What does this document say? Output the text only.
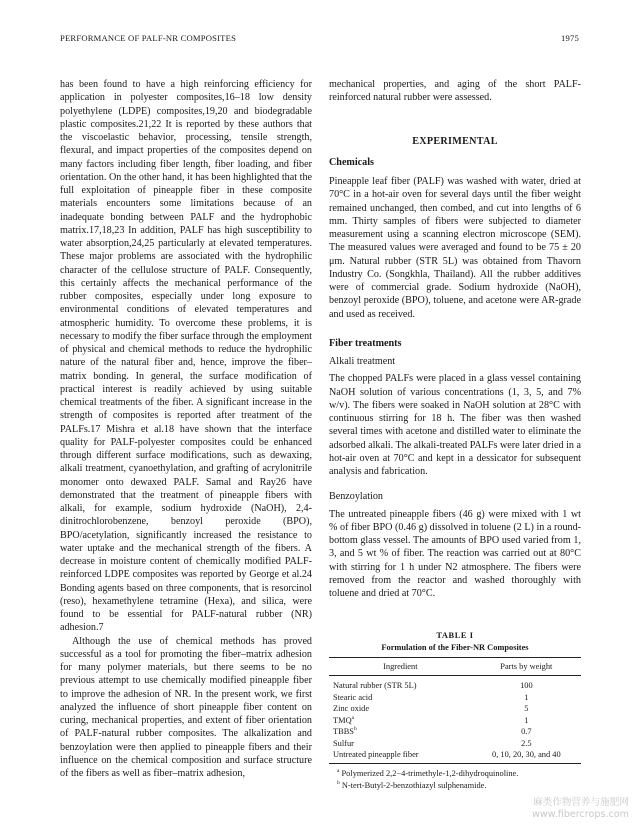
PERFORMANCE OF PALF-NR COMPOSITES	1975

has been found to have a high reinforcing efficiency for application in polyester composites,16–18 low density polyethylene (LDPE) composites,19,20 and biodegradable plastic composites.21,22 It is reported by these authors that the viscoelastic behavior, processing, tensile strength, flexural, and impact properties of the composites depend on many factors including fiber length, fiber loading, and fiber orientation. On the other hand, it has been highlighted that the full exploitation of pineapple fiber in these composite materials encounters some limitations because of an inadequate bonding between PALF and the hydrophobic matrix.17,18,23 In addition, PALF has high susceptibility to water absorption,24,25 particularly at elevated temperatures. These major problems are associated with the hydrophilic character of the cellulose structure of PALF. Consequently, this certainly affects the mechanical performance of the rubber composites, especially under long exposure to environmental conditions of elevated temperatures and atmospheric humidity. To overcome these problems, it is necessary to modify the fiber surface through the employment of physical and chemical methods to reduce the hydrophilic nature of the natural fiber and, hence, improve the fiber–matrix bonding. In general, the surface modification of practical interest is readily achieved by using suitable chemical treatments of the fiber. A significant increase in the strength of composites is reported after treatment of the PALFs.17 Mishra et al.18 have shown that the interface quality for PALF-polyester composites could be enhanced through different surface modifications, such as dewaxing, alkali treatment, cyanoethylation, and grafting of acrylonitrile monomer onto dewaxed PALF. Samal and Ray26 have demonstrated that the treatment of pineapple fibers with alkali, for example, sodium hydroxide (NaOH), 2,4-dinitrochlorobenzene, benzoyl peroxide (BPO), BPO/acetylation, significantly increased the resistance to water uptake and the mechanical strength of the fibers. A decrease in moisture content of chemically modified PALF-reinforced LDPE composites was reported by George et al.24 Bonding agents based on three components, that is resorcinol (reso), hexamethylene tetramine (Hexa), and silica, were found to be essential for PALF-natural rubber (NR) adhesion.7

Although the use of chemical methods has proved successful as a tool for promoting the fiber–matrix adhesion for many polymer materials, but there seems to be no previous attempt to use chemically modified pineapple fiber to improve the adhesion of NR. In the present work, we first analyzed the influence of short pineapple fiber content on curing, mechanical properties, and extent of fiber orientation of PALF-natural rubber composites. The alkalization and benzoylation were then applied to pineapple fibers and their influence on the chemical composition and surface structure of the fibers as well as fiber–matrix adhesion,

mechanical properties, and aging of the short PALF-reinforced natural rubber were assessed.

EXPERIMENTAL
Chemicals

Pineapple leaf fiber (PALF) was washed with water, dried at 70°C in a hot-air oven for several days until the fiber weight remained unchanged, then combed, and cut into lengths of 6 mm. Thirty samples of fibers were subjected to diameter measurement using a scanning electron microscope (SEM). The measured values were averaged and found to be 75 ± 20 μm. Natural rubber (STR 5L) was obtained from Thavorn Industry Co. (Songkhla, Thailand). All the rubber additives were of commercial grade. Sodium hydroxide (NaOH), benzoyl peroxide (BPO), toluene, and acetone were AR-grade and used as received.

Fiber treatments
Alkali treatment

The chopped PALFs were placed in a glass vessel containing NaOH solution of various concentrations (1, 3, 5, and 7% w/v). The fibers were soaked in NaOH solution at 28°C with continuous stirring for 18 h. The fiber was then washed several times with acetone and distilled water to eliminate the adsorbed alkali. The alkali-treated PALFs were later dried in a hot-air oven at 70°C and kept in a dessicator for subsequent analysis and fabrication.

Benzoylation

The untreated pineapple fibers (46 g) were mixed with 1 wt % of fiber BPO (0.46 g) dissolved in toluene (2 L) in a round-bottom glass vessel. The amounts of BPO used varied from 1, 3, and 5 wt % of fiber. The reaction was carried out at 80°C with stirring for 1 h under N2 atmosphere. The fibers were removed from the reactor and washed thoroughly with toluene and dried at 70°C.

TABLE I
Formulation of the Fiber-NR Composites
Ingredient	Parts by weight
Natural rubber (STR 5L)	100
Stearic acid	1
Zinc oxide	5
TMQ$^a$	1
TBBS$^b$	0.7
Sulfur	2.5
Untreated pineapple fiber	0, 10, 20, 30, and 40
$^a$ Polymerized 2,2−4-trimethyle-1,2-dihydroquinoline.
$^b$ N-tert-Butyl-2-benzothiazyl sulphenamide.
麻类作物营养与施肥网
www.fibercrops.com
